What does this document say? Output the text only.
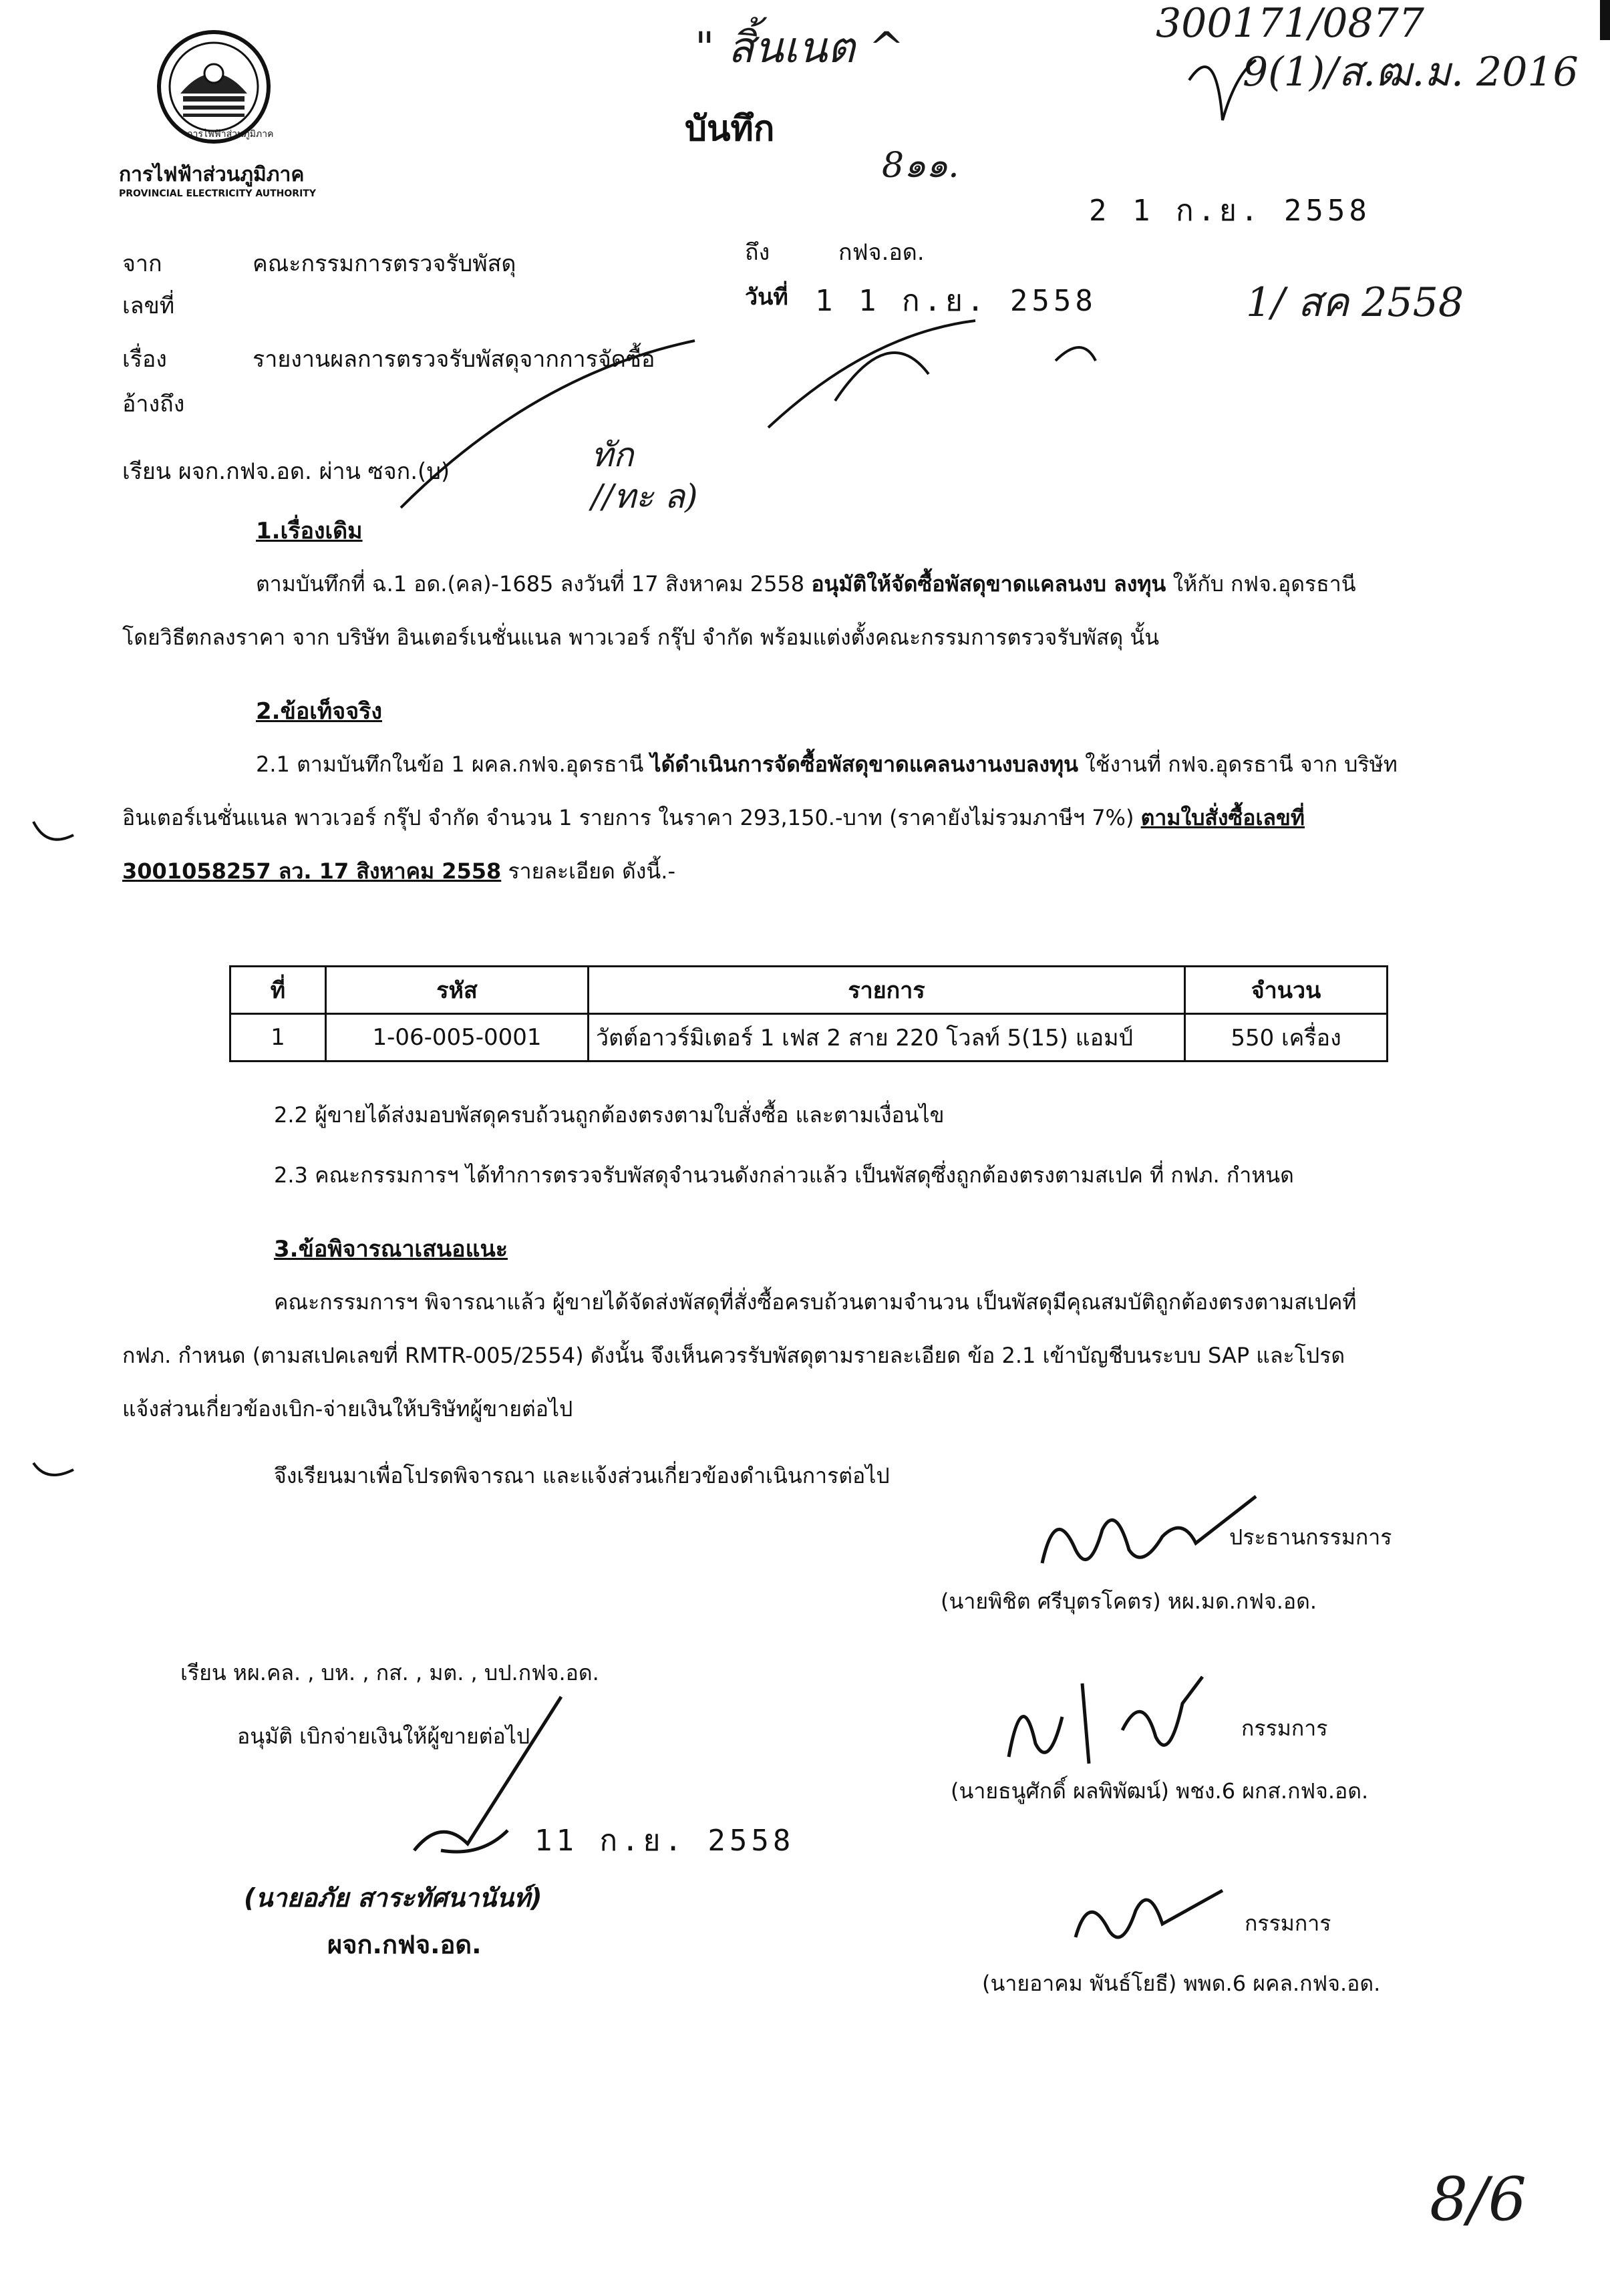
การไฟฟ้าส่วนภูมิภาค
การไฟฟ้าส่วนภูมิภาค
PROVINCIAL ELECTRICITY AUTHORITY
บันทึก
" สิ้นเนต ^
8๑๑.
300171/0877
9(1)/ส.ฒ.ม. 2016
1/ สค 2558
ทัก
//ทะ ล)
8/6
2 1 ก.ย. 2558
จาก	คณะกรรมการตรวจรับพัสดุ
เลขที่
เรื่อง	รายงานผลการตรวจรับพัสดุจากการจัดซื้อ
อ้างถึง
ถึง	กฟจ.อด.
วันที่ 1 1 ก.ย. 2558
เรียน ผจก.กฟจ.อด. ผ่าน ซจก.(บ)
1.เรื่องเดิม
ตามบันทึกที่ ฉ.1 อด.(คล)-1685 ลงวันที่ 17 สิงหาคม 2558 อนุมัติให้จัดซื้อพัสดุขาดแคลนงบ ลงทุน ให้กับ กฟจ.อุดรธานี
โดยวิธีตกลงราคา จาก บริษัท อินเตอร์เนชั่นแนล พาวเวอร์ กรุ๊ป จำกัด พร้อมแต่งตั้งคณะกรรมการตรวจรับพัสดุ นั้น
2.ข้อเท็จจริง
2.1 ตามบันทึกในข้อ 1 ผคล.กฟจ.อุดรธานี ได้ดำเนินการจัดซื้อพัสดุขาดแคลนงานงบลงทุน ใช้งานที่ กฟจ.อุดรธานี จาก บริษัท
อินเตอร์เนชั่นแนล พาวเวอร์ กรุ๊ป จำกัด จำนวน 1 รายการ ในราคา 293,150.-บาท (ราคายังไม่รวมภาษีฯ 7%) ตามใบสั่งซื้อเลขที่
3001058257 ลว. 17 สิงหาคม 2558 รายละเอียด ดังนี้.-
ที่	รหัส	รายการ	จำนวน
1	1-06-005-0001	วัตต์อาวร์มิเตอร์ 1 เฟส 2 สาย 220 โวลท์ 5(15) แอมป์	550 เครื่อง
2.2 ผู้ขายได้ส่งมอบพัสดุครบถ้วนถูกต้องตรงตามใบสั่งซื้อ และตามเงื่อนไข
2.3 คณะกรรมการฯ ได้ทำการตรวจรับพัสดุจำนวนดังกล่าวแล้ว เป็นพัสดุซึ่งถูกต้องตรงตามสเปค ที่ กฟภ. กำหนด
3.ข้อพิจารณาเสนอแนะ
คณะกรรมการฯ พิจารณาแล้ว ผู้ขายได้จัดส่งพัสดุที่สั่งซื้อครบถ้วนตามจำนวน เป็นพัสดุมีคุณสมบัติถูกต้องตรงตามสเปคที่
กฟภ. กำหนด (ตามสเปคเลขที่ RMTR-005/2554) ดังนั้น จึงเห็นควรรับพัสดุตามรายละเอียด ข้อ 2.1 เข้าบัญชีบนระบบ SAP และโปรด
แจ้งส่วนเกี่ยวข้องเบิก-จ่ายเงินให้บริษัทผู้ขายต่อไป
จึงเรียนมาเพื่อโปรดพิจารณา และแจ้งส่วนเกี่ยวข้องดำเนินการต่อไป
ประธานกรรมการ
(นายพิชิต ศรีบุตรโคตร) หผ.มด.กฟจ.อด.
กรรมการ
(นายธนูศักดิ์ ผลพิพัฒน์) พชง.6 ผกส.กฟจ.อด.
กรรมการ
(นายอาคม พันธ์โยธี) พพด.6 ผคล.กฟจ.อด.
เรียน หผ.คล. , บห. , กส. , มต. , บป.กฟจ.อด.
อนุมัติ เบิกจ่ายเงินให้ผู้ขายต่อไป
11 ก.ย. 2558
(นายอภัย สาระทัศนานันท์)
ผจก.กฟจ.อด.
